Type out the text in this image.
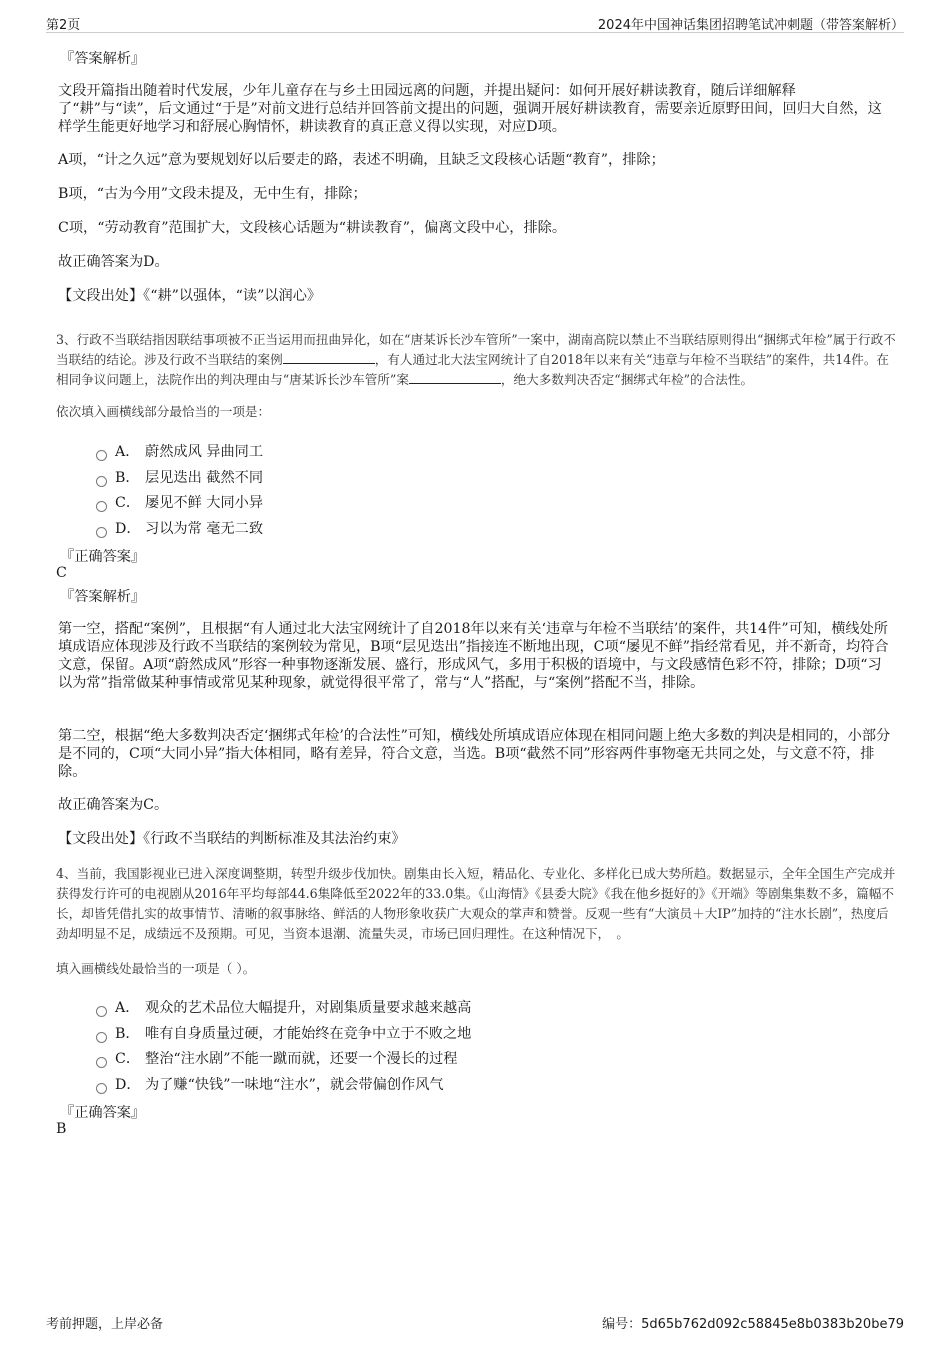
第2页	2024年中国神话集团招聘笔试冲刺题（带答案解析）
『答案解析』
文段开篇指出随着时代发展，少年儿童存在与乡土田园远离的问题，并提出疑问：如何开展好耕读教育，随后详细解释了“耕”与“读”，后文通过“于是”对前文进行总结并回答前文提出的问题，强调开展好耕读教育，需要亲近原野田间，回归大自然，这样学生能更好地学习和舒展心胸情怀，耕读教育的真正意义得以实现，对应D项。
A项，“计之久远”意为要规划好以后要走的路，表述不明确，且缺乏文段核心话题“教育”，排除；
B项，“古为今用”文段未提及，无中生有，排除；
C项，“劳动教育”范围扩大，文段核心话题为“耕读教育”，偏离文段中心，排除。
故正确答案为D。
【文段出处】《“耕”以强体，“读”以润心》
3、行政不当联结指因联结事项被不正当运用而扭曲异化，如在“唐某诉长沙车管所”一案中，湖南高院以禁止不当联结原则得出“捆绑式年检”属于行政不当联结的结论。涉及行政不当联结的案例	，有人通过北大法宝网统计了自2018年以来有关“违章与年检不当联结”的案件，共14件。在相同争议问题上，法院作出的判决理由与“唐某诉长沙车管所”案	，绝大多数判决否定“捆绑式年检”的合法性。
依次填入画横线部分最恰当的一项是：
A． 蔚然成风 异曲同工
B． 层见迭出 截然不同
C． 屡见不鲜 大同小异
D． 习以为常 毫无二致
『正确答案』
C
『答案解析』
第一空，搭配“案例”，且根据“有人通过北大法宝网统计了自2018年以来有关‘违章与年检不当联结’的案件，共14件”可知，横线处所填成语应体现涉及行政不当联结的案例较为常见，B项“层见迭出”指接连不断地出现，C项“屡见不鲜”指经常看见，并不新奇，均符合文意，保留。A项“蔚然成风”形容一种事物逐渐发展、盛行，形成风气，多用于积极的语境中，与文段感情色彩不符，排除；D项“习以为常”指常做某种事情或常见某种现象，就觉得很平常了，常与“人”搭配，与“案例”搭配不当，排除。
第二空，根据“绝大多数判决否定‘捆绑式年检’的合法性”可知，横线处所填成语应体现在相同问题上绝大多数的判决是相同的，小部分是不同的，C项“大同小异”指大体相同，略有差异，符合文意，当选。B项“截然不同”形容两件事物毫无共同之处，与文意不符，排除。
故正确答案为C。
【文段出处】《行政不当联结的判断标准及其法治约束》
4、当前，我国影视业已进入深度调整期，转型升级步伐加快。剧集由长入短，精品化、专业化、多样化已成大势所趋。数据显示，全年全国生产完成并获得发行许可的电视剧从2016年平均每部44.6集降低至2022年的33.0集。《山海情》《县委大院》《我在他乡挺好的》《开端》等剧集集数不多，篇幅不长，却皆凭借扎实的故事情节、清晰的叙事脉络、鲜活的人物形象收获广大观众的掌声和赞誉。反观一些有“大演员＋大IP”加持的“注水长剧”，热度后劲却明显不足，成绩远不及预期。可见，当资本退潮、流量失灵，市场已回归理性。在这种情况下，　。
填入画横线处最恰当的一项是（ ）。
A． 观众的艺术品位大幅提升，对剧集质量要求越来越高
B． 唯有自身质量过硬，才能始终在竞争中立于不败之地
C． 整治“注水剧”不能一蹴而就，还要一个漫长的过程
D． 为了赚“快钱”一味地“注水”，就会带偏创作风气
『正确答案』
B
考前押题，上岸必备	编号：5d65b762d092c58845e8b0383b20be79
